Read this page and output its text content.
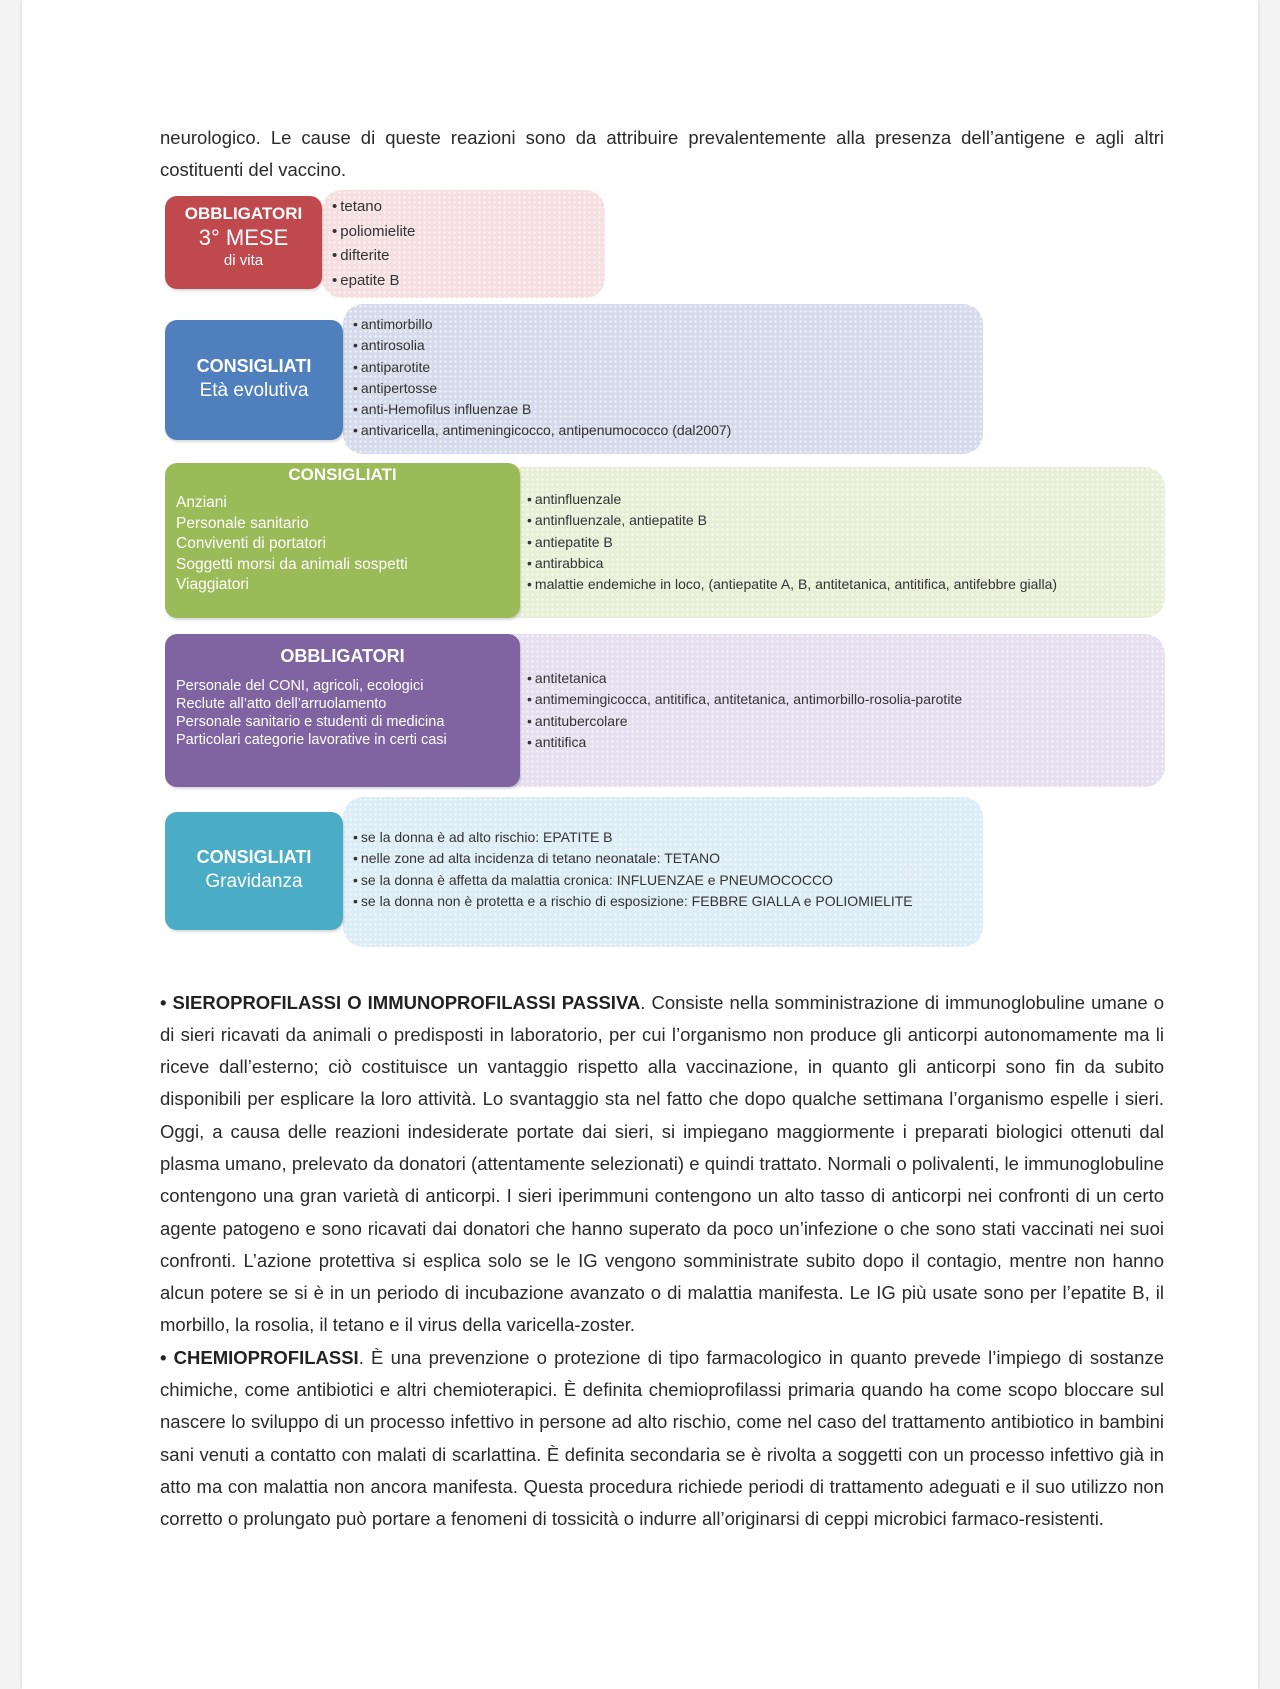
neurologico. Le cause di queste reazioni sono da attribuire prevalentemente alla presenza dell’antigene e agli altri costituenti del vaccino.

OBBLIGATORI
3° MESE
di vita
• tetano
• poliomielite
• difterite
• epatite B
CONSIGLIATI
Età evolutiva
• antimorbillo
• antirosolia
• antiparotite
• antipertosse
• anti-Hemofilus influenzae B
• antivaricella, antimeningicocco, antipenumococco (dal2007)
CONSIGLIATI
Anziani
Personale sanitario
Conviventi di portatori
Soggetti morsi da animali sospetti
Viaggiatori
• antinfluenzale
• antinfluenzale, antiepatite B
• antiepatite B
• antirabbica
• malattie endemiche in loco, (antiepatite A, B, antitetanica, antitifica, antifebbre gialla)
OBBLIGATORI
Personale del CONI, agricoli, ecologici
Reclute all’atto dell’arruolamento
Personale sanitario e studenti di medicina
Particolari categorie lavorative in certi casi
• antitetanica
• antimemingicocca, antitifica, antitetanica, antimorbillo-rosolia-parotite
• antitubercolare
• antitifica
CONSIGLIATI
Gravidanza
• se la donna è ad alto rischio: EPATITE B
• nelle zone ad alta incidenza di tetano neonatale: TETANO
• se la donna è affetta da malattia cronica: INFLUENZAE e PNEUMOCOCCO
• se la donna non è protetta e a rischio di esposizione: FEBBRE GIALLA e POLIOMIELITE

• SIEROPROFILASSI O IMMUNOPROFILASSI PASSIVA. Consiste nella somministrazione di immunoglobuline umane o di sieri ricavati da animali o predisposti in laboratorio, per cui l’organismo non produce gli anticorpi autonomamente ma li riceve dall’esterno; ciò costituisce un vantaggio rispetto alla vaccinazione, in quanto gli anticorpi sono fin da subito disponibili per esplicare la loro attività. Lo svantaggio sta nel fatto che dopo qualche settimana l’organismo espelle i sieri. Oggi, a causa delle reazioni indesiderate portate dai sieri, si impiegano maggiormente i preparati biologici ottenuti dal plasma umano, prelevato da donatori (attentamente selezionati) e quindi trattato. Normali o polivalenti, le immunoglobuline contengono una gran varietà di anticorpi. I sieri iperimmuni contengono un alto tasso di anticorpi nei confronti di un certo agente patogeno e sono ricavati dai donatori che hanno superato da poco un’infezione o che sono stati vaccinati nei suoi confronti. L’azione protettiva si esplica solo se le IG vengono somministrate subito dopo il contagio, mentre non hanno alcun potere se si è in un periodo di incubazione avanzato o di malattia manifesta. Le IG più usate sono per l’epatite B, il morbillo, la rosolia, il tetano e il virus della varicella-zoster.
• CHEMIOPROFILASSI. È una prevenzione o protezione di tipo farmacologico in quanto prevede l’impiego di sostanze chimiche, come antibiotici e altri chemioterapici. È definita chemioprofilassi primaria quando ha come scopo bloccare sul nascere lo sviluppo di un processo infettivo in persone ad alto rischio, come nel caso del trattamento antibiotico in bambini sani venuti a contatto con malati di scarlattina. È definita secondaria se è rivolta a soggetti con un processo infettivo già in atto ma con malattia non ancora manifesta. Questa procedura richiede periodi di trattamento adeguati e il suo utilizzo non corretto o prolungato può portare a fenomeni di tossicità o indurre all’originarsi di ceppi microbici farmaco-resistenti.
